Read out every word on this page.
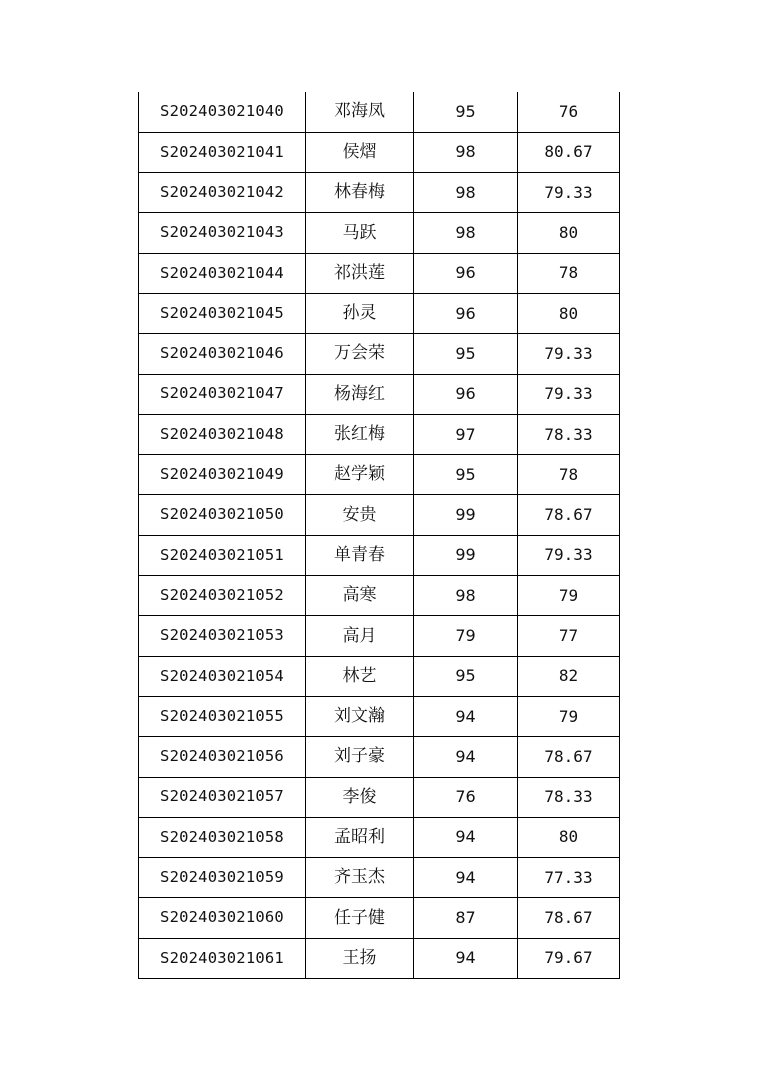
S202403021040	邓海凤	95	76
S202403021041	侯熠	98	80.67
S202403021042	林春梅	98	79.33
S202403021043	马跃	98	80
S202403021044	祁洪莲	96	78
S202403021045	孙灵	96	80
S202403021046	万会荣	95	79.33
S202403021047	杨海红	96	79.33
S202403021048	张红梅	97	78.33
S202403021049	赵学颖	95	78
S202403021050	安贵	99	78.67
S202403021051	单青春	99	79.33
S202403021052	高寒	98	79
S202403021053	高月	79	77
S202403021054	林艺	95	82
S202403021055	刘文瀚	94	79
S202403021056	刘子豪	94	78.67
S202403021057	李俊	76	78.33
S202403021058	孟昭利	94	80
S202403021059	齐玉杰	94	77.33
S202403021060	任子健	87	78.67
S202403021061	王扬	94	79.67
